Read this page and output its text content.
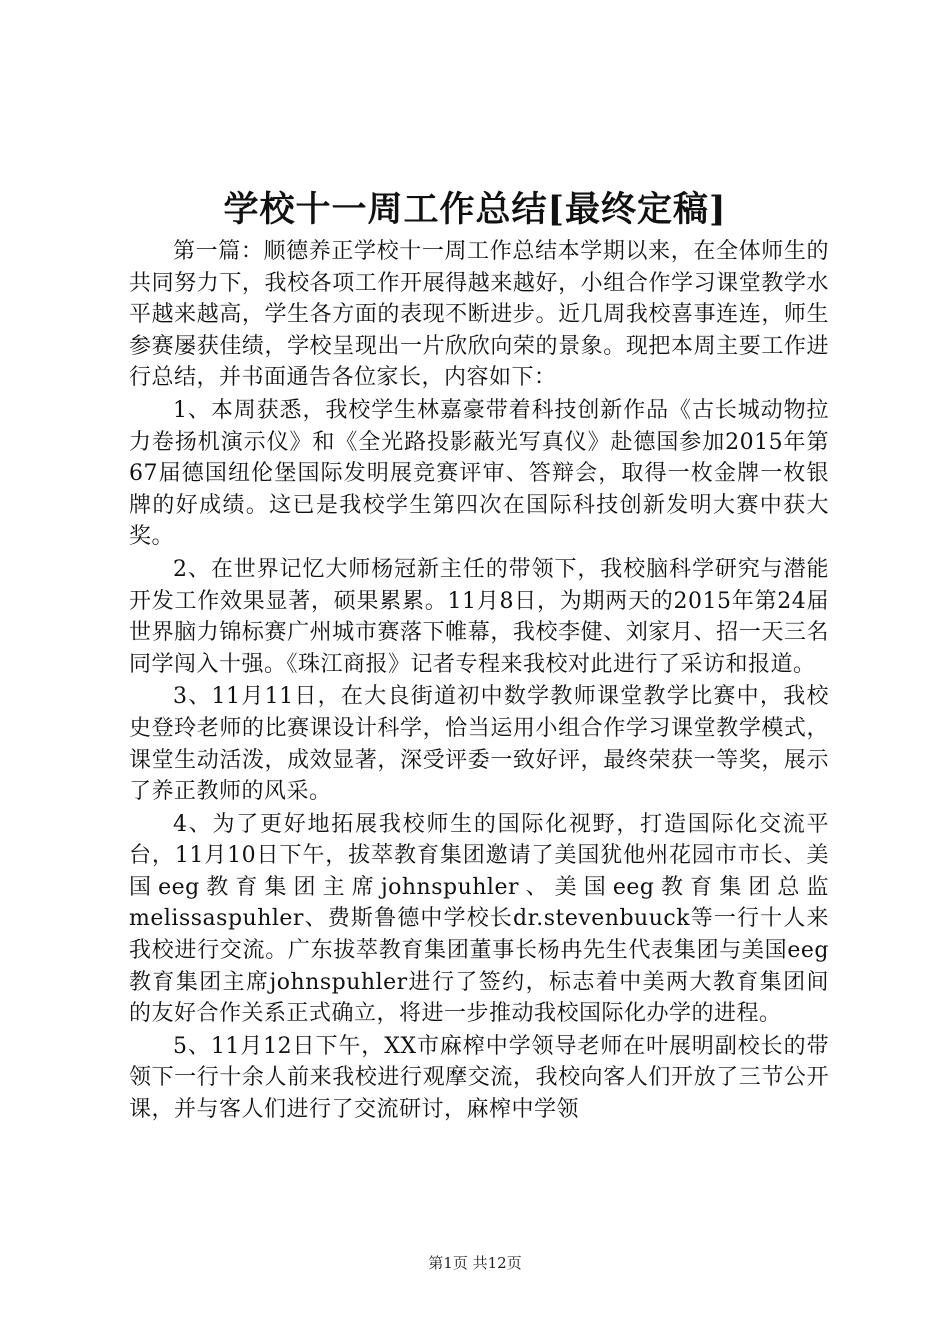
学校十一周工作总结[最终定稿]

第一篇：顺德养正学校十一周工作总结本学期以来，在全体师生的共同努力下，我校各项工作开展得越来越好，小组合作学习课堂教学水平越来越高，学生各方面的表现不断进步。近几周我校喜事连连，师生参赛屡获佳绩，学校呈现出一片欣欣向荣的景象。现把本周主要工作进行总结，并书面通告各位家长，内容如下：

1、本周获悉，我校学生林嘉豪带着科技创新作品《古长城动物拉力卷扬机演示仪》和《全光路投影蔽光写真仪》赴德国参加2015年第67届德国纽伦堡国际发明展竞赛评审、答辩会，取得一枚金牌一枚银牌的好成绩。这已是我校学生第四次在国际科技创新发明大赛中获大奖。

2、在世界记忆大师杨冠新主任的带领下，我校脑科学研究与潜能开发工作效果显著，硕果累累。11月8日，为期两天的2015年第24届世界脑力锦标赛广州城市赛落下帷幕，我校李健、刘家月、招一天三名同学闯入十强。《珠江商报》记者专程来我校对此进行了采访和报道。

3、11月11日，在大良街道初中数学教师课堂教学比赛中，我校史登玲老师的比赛课设计科学，恰当运用小组合作学习课堂教学模式，课堂生动活泼，成效显著，深受评委一致好评，最终荣获一等奖，展示了养正教师的风采。

4、为了更好地拓展我校师生的国际化视野，打造国际化交流平台，11月10日下午，拔萃教育集团邀请了美国犹他州花园市市长、美国eeg教育集团主席johnspuhler、美国eeg教育集团总监melissaspuhler、费斯鲁德中学校长dr.stevenbuuck等一行十人来我校进行交流。广东拔萃教育集团董事长杨冉先生代表集团与美国eeg教育集团主席johnspuhler进行了签约，标志着中美两大教育集团间的友好合作关系正式确立，将进一步推动我校国际化办学的进程。

5、11月12日下午，XX市麻榨中学领导老师在叶展明副校长的带领下一行十余人前来我校进行观摩交流，我校向客人们开放了三节公开课，并与客人们进行了交流研讨，麻榨中学领

第1页 共12页
